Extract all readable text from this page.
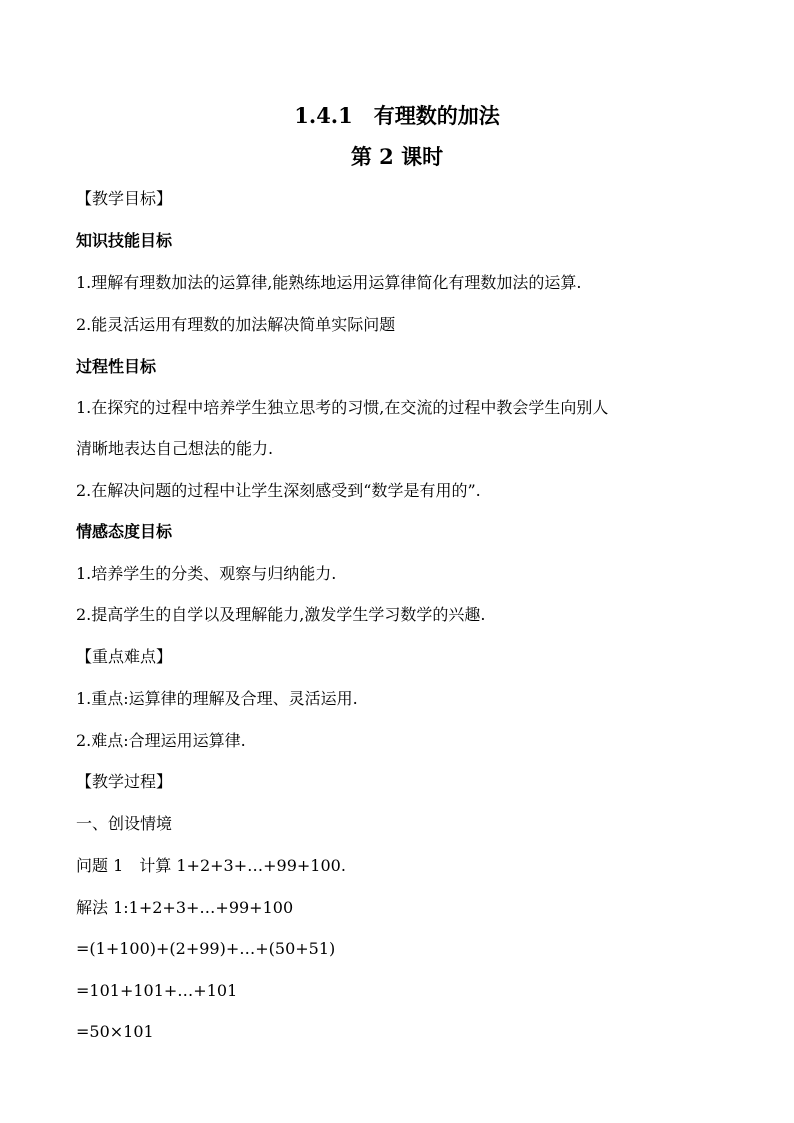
1.4.1　有理数的加法
第 2 课时
【教学目标】
知识技能目标
1.理解有理数加法的运算律,能熟练地运用运算律简化有理数加法的运算.
2.能灵活运用有理数的加法解决简单实际问题
过程性目标
1.在探究的过程中培养学生独立思考的习惯,在交流的过程中教会学生向别人
清晰地表达自己想法的能力.
2.在解决问题的过程中让学生深刻感受到“数学是有用的”.
情感态度目标
1.培养学生的分类、观察与归纳能力.
2.提高学生的自学以及理解能力,激发学生学习数学的兴趣.
【重点难点】
1.重点:运算律的理解及合理、灵活运用.
2.难点:合理运用运算律.
【教学过程】
一、创设情境
问题 1　计算 1+2+3+…+99+100.
解法 1:1+2+3+…+99+100
=(1+100)+(2+99)+…+(50+51)
=101+101+…+101
=50×101
